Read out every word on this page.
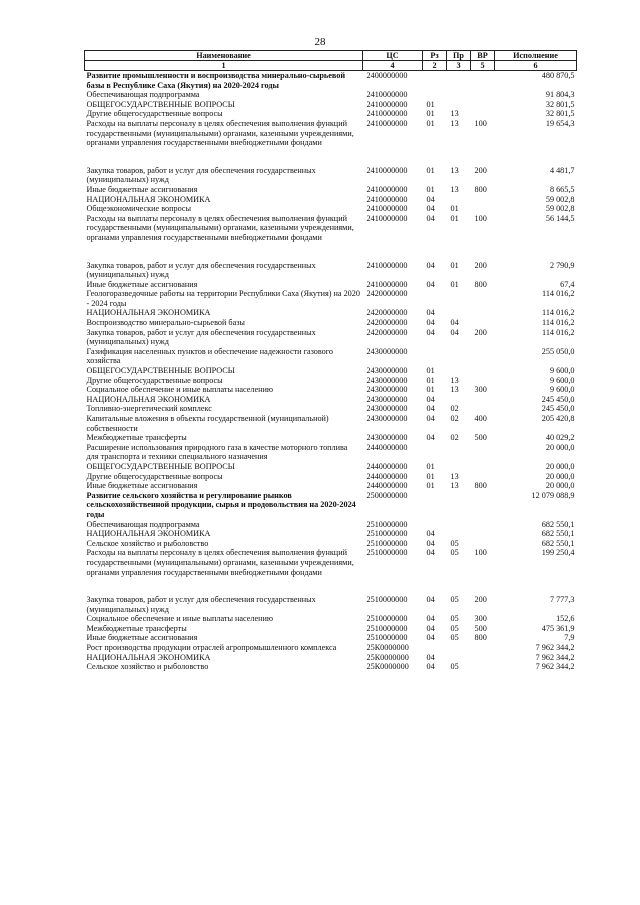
28
Наименование	ЦС	Рз	Пр	ВР	Исполнение
1	4	2	3	5	6
Развитие промышленности и воспроизводства минерально-сырьевой базы в Республике Саха (Якутия) на 2020-2024 годы	2400000000				480 870,5
Обеспечивающая подпрограмма	2410000000				91 804,3
ОБЩЕГОСУДАРСТВЕННЫЕ ВОПРОСЫ	2410000000	01			32 801,5
Другие общегосударственные вопросы	2410000000	01	13		32 801,5
Расходы на выплаты персоналу в целях обеспечения выполнения функций государственными (муниципальными) органами, казенными учреждениями, органами управления государственными внебюджетными фондами	2410000000	01	13	100	19 654,3

Закупка товаров, работ и услуг для обеспечения государственных (муниципальных) нужд	2410000000	01	13	200	4 481,7
Иные бюджетные ассигнования	2410000000	01	13	800	8 665,5
НАЦИОНАЛЬНАЯ ЭКОНОМИКА	2410000000	04			59 002,8
Общеэкономические вопросы	2410000000	04	01		59 002,8
Расходы на выплаты персоналу в целях обеспечения выполнения функций государственными (муниципальными) органами, казенными учреждениями, органами управления государственными внебюджетными фондами	2410000000	04	01	100	56 144,5

Закупка товаров, работ и услуг для обеспечения государственных (муниципальных) нужд	2410000000	04	01	200	2 790,9
Иные бюджетные ассигнования	2410000000	04	01	800	67,4
Геологоразведочные работы на территории Республики Саха (Якутия) на 2020 - 2024 годы	2420000000				114 016,2
НАЦИОНАЛЬНАЯ ЭКОНОМИКА	2420000000	04			114 016,2
Воспроизводство минерально-сырьевой базы	2420000000	04	04		114 016,2
Закупка товаров, работ и услуг для обеспечения государственных (муниципальных) нужд	2420000000	04	04	200	114 016,2
Газификация населенных пунктов и обеспечение надежности газового хозяйства	2430000000				255 050,0
ОБЩЕГОСУДАРСТВЕННЫЕ ВОПРОСЫ	2430000000	01			9 600,0
Другие общегосударственные вопросы	2430000000	01	13		9 600,0
Социальное обеспечение и иные выплаты населению	2430000000	01	13	300	9 600,0
НАЦИОНАЛЬНАЯ ЭКОНОМИКА	2430000000	04			245 450,0
Топливно-энергетический комплекс	2430000000	04	02		245 450,0
Капитальные вложения в объекты государственной (муниципальной) собственности	2430000000	04	02	400	205 420,8
Межбюджетные трансферты	2430000000	04	02	500	40 029,2
Расширение использования природного газа в качестве моторного топлива для транспорта и техники специального назначения	2440000000				20 000,0
ОБЩЕГОСУДАРСТВЕННЫЕ ВОПРОСЫ	2440000000	01			20 000,0
Другие общегосударственные вопросы	2440000000	01	13		20 000,0
Иные бюджетные ассигнования	2440000000	01	13	800	20 000,0
Развитие сельского хозяйства и регулирование рынков сельскохозяйственной продукции, сырья и продовольствия на 2020-2024 годы	2500000000				12 079 088,9
Обеспечивающая подпрограмма	2510000000				682 550,1
НАЦИОНАЛЬНАЯ ЭКОНОМИКА	2510000000	04			682 550,1
Сельское хозяйство и рыболовство	2510000000	04	05		682 550,1
Расходы на выплаты персоналу в целях обеспечения выполнения функций государственными (муниципальными) органами, казенными учреждениями, органами управления государственными внебюджетными фондами	2510000000	04	05	100	199 250,4

Закупка товаров, работ и услуг для обеспечения государственных (муниципальных) нужд	2510000000	04	05	200	7 777,3
Социальное обеспечение и иные выплаты населению	2510000000	04	05	300	152,6
Межбюджетные трансферты	2510000000	04	05	500	475 361,9
Иные бюджетные ассигнования	2510000000	04	05	800	7,9
Рост производства продукции отраслей агропромышленного комплекса	25К0000000				7 962 344,2
НАЦИОНАЛЬНАЯ ЭКОНОМИКА	25К0000000	04			7 962 344,2
Сельское хозяйство и рыболовство	25К0000000	04	05		7 962 344,2
